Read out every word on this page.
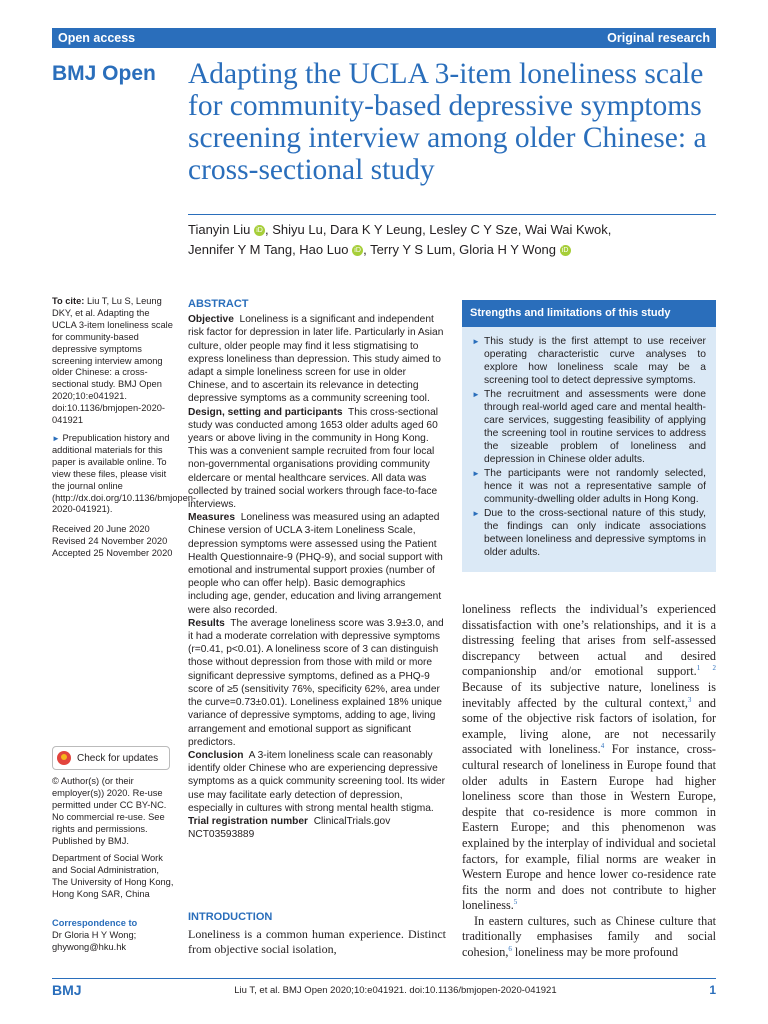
Open access	Original research
BMJ Open Adapting the UCLA 3-item loneliness scale for community-based depressive symptoms screening interview among older Chinese: a cross-sectional study
Tianyin Liu iD , Shiyu Lu, Dara K Y Leung, Lesley C Y Sze, Wai Wai Kwok,
Jennifer Y M Tang, Hao Luo iD , Terry Y S Lum, Gloria H Y Wong iD

To cite: Liu T, Lu S, Leung DKY, et al. Adapting the UCLA 3-item loneliness scale for community-based depressive symptoms screening interview among older Chinese: a cross-sectional study. BMJ Open 2020;10:e041921. doi:10.1136/bmjopen-2020-041921

► Prepublication history and additional materials for this paper is available online. To view these files, please visit the journal online (http://dx.doi.org/10.1136/bmjopen-2020-041921).

Received 20 June 2020
Revised 24 November 2020
Accepted 25 November 2020
Check for updates

© Author(s) (or their employer(s)) 2020. Re-use permitted under CC BY-NC. No commercial re-use. See rights and permissions. Published by BMJ.

Department of Social Work and Social Administration, The University of Hong Kong, Hong Kong SAR, China

Correspondence to
Dr Gloria H Y Wong;
ghywong@hku.hk
ABSTRACT

Objective Loneliness is a significant and independent risk factor for depression in later life. Particularly in Asian culture, older people may find it less stigmatising to express loneliness than depression. This study aimed to adapt a simple loneliness screen for use in older Chinese, and to ascertain its relevance in detecting depressive symptoms as a community screening tool.

Design, setting and participants This cross-sectional study was conducted among 1653 older adults aged 60 years or above living in the community in Hong Kong. This was a convenient sample recruited from four local non-governmental organisations providing community eldercare or mental healthcare services. All data was collected by trained social workers through face-to-face interviews.

Measures Loneliness was measured using an adapted Chinese version of UCLA 3-item Loneliness Scale, depression symptoms were assessed using the Patient Health Questionnaire-9 (PHQ-9), and social support with emotional and instrumental support proxies (number of people who can offer help). Basic demographics including age, gender, education and living arrangement were also recorded.

Results The average loneliness score was 3.9±3.0, and it had a moderate correlation with depressive symptoms (r=0.41, p<0.01). A loneliness score of 3 can distinguish those without depression from those with mild or more significant depressive symptoms, defined as a PHQ-9 score of ≥5 (sensitivity 76%, specificity 62%, area under the curve=0.73±0.01). Loneliness explained 18% unique variance of depressive symptoms, adding to age, living arrangement and emotional support as significant predictors.

Conclusion A 3-item loneliness scale can reasonably identify older Chinese who are experiencing depressive symptoms as a quick community screening tool. Its wider use may facilitate early detection of depression, especially in cultures with strong mental health stigma.

Trial registration number ClinicalTrials.gov NCT03593889

INTRODUCTION

Loneliness is a common human experience. Distinct from objective social isolation,

Strengths and limitations of this study
► This study is the first attempt to use receiver operating characteristic curve analyses to explore how loneliness scale may be a screening tool to detect depressive symptoms.
► The recruitment and assessments were done through real-world aged care and mental health-care services, suggesting feasibility of applying the screening tool in routine services to address the sizeable problem of loneliness and depression in Chinese older adults.
► The participants were not randomly selected, hence it was not a representative sample of community-dwelling older adults in Hong Kong.
► Due to the cross-sectional nature of this study, the findings can only indicate associations between loneliness and depressive symptoms in older adults.

loneliness reflects the individual’s experienced dissatisfaction with one’s relationships, and it is a distressing feeling that arises from self-assessed discrepancy between actual and desired companionship and/or emotional support.$^{1 2}$ Because of its subjective nature, loneliness is inevitably affected by the cultural context,$^3$ and some of the objective risk factors of isolation, for example, living alone, are not necessarily associated with loneliness.$^4$ For instance, cross-cultural research of loneliness in Europe found that older adults in Eastern Europe had higher loneliness score than those in Western Europe, despite that co-residence is more common in Eastern Europe; and this phenomenon was explained by the interplay of individual and societal factors, for example, filial norms are weaker in Western Europe and hence lower co-residence rate fits the norm and does not contribute to higher loneliness.$^5$

In eastern cultures, such as Chinese culture that traditionally emphasises family and social cohesion,$^6$ loneliness may be more profound

BMJ	Liu T, et al. BMJ Open 2020;10:e041921. doi:10.1136/bmjopen-2020-041921	1
